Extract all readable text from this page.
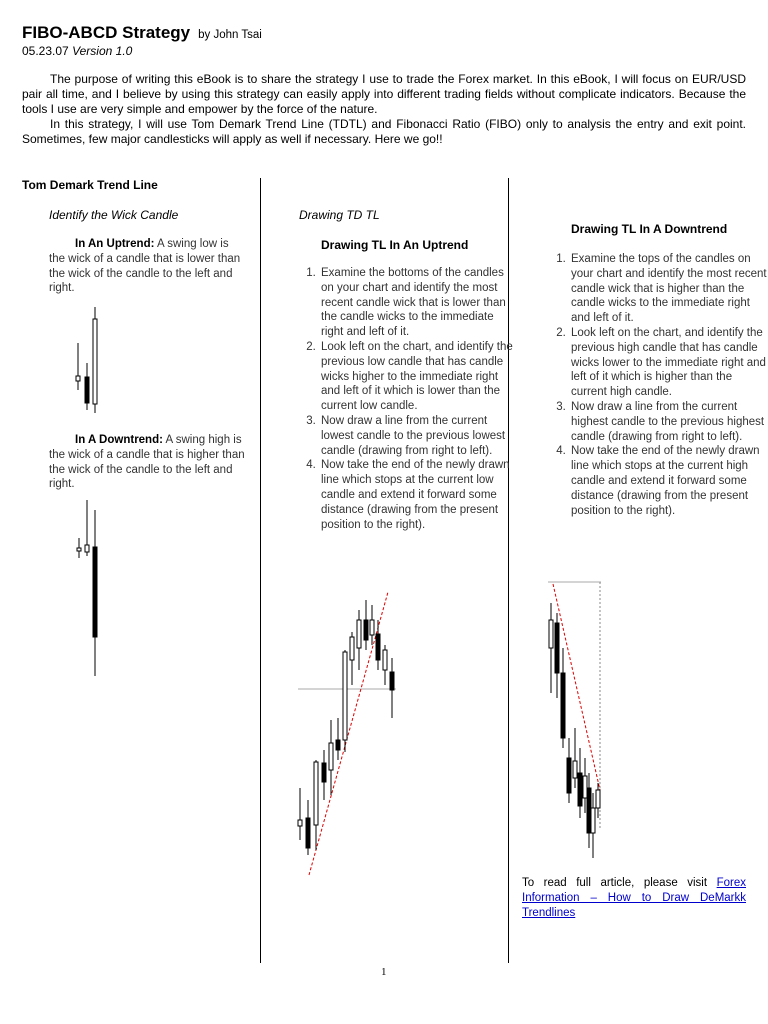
FIBO-ABCD Strategy by John Tsai
05.23.07 Version 1.0

The purpose of writing this eBook is to share the strategy I use to trade the Forex market. In this eBook, I will focus on EUR/USD pair all time, and I believe by using this strategy can easily apply into different trading fields without complicate indicators. Because the tools I use are very simple and empower by the force of the nature.

In this strategy, I will use Tom Demark Trend Line (TDTL) and Fibonacci Ratio (FIBO) only to analysis the entry and exit point. Sometimes, few major candlesticks will apply as well if necessary. Here we go!!

Tom Demark Trend Line
Identify the Wick Candle

In An Uptrend: A swing low is the wick of a candle that is lower than the wick of the candle to the left and right.

In A Downtrend: A swing high is the wick of a candle that is higher than the wick of the candle to the left and right.

Drawing TD TL
Drawing TL In An Uptrend
1. Examine the bottoms of the candles on your chart and identify the most recent candle wick that is lower than the candle wicks to the immediate right and left of it.
2. Look left on the chart, and identify the previous low candle that has candle wicks higher to the immediate right and left of it which is lower than the current low candle.
3. Now draw a line from the current lowest candle to the previous lowest candle (drawing from right to left).
4. Now take the end of the newly drawn line which stops at the current low candle and extend it forward some distance (drawing from the present position to the right).
Drawing TL In A Downtrend
1. Examine the tops of the candles on your chart and identify the most recent candle wick that is higher than the candle wicks to the immediate right and left of it.
2. Look left on the chart, and identify the previous high candle that has candle wicks lower to the immediate right and left of it which is higher than the current high candle.
3. Now draw a line from the current highest candle to the previous highest candle (drawing from right to left).
4. Now take the end of the newly drawn line which stops at the current high candle and extend it forward some distance (drawing from the present position to the right).
To read full article, please visit Forex Information – How to Draw DeMarkk Trendlines
1
